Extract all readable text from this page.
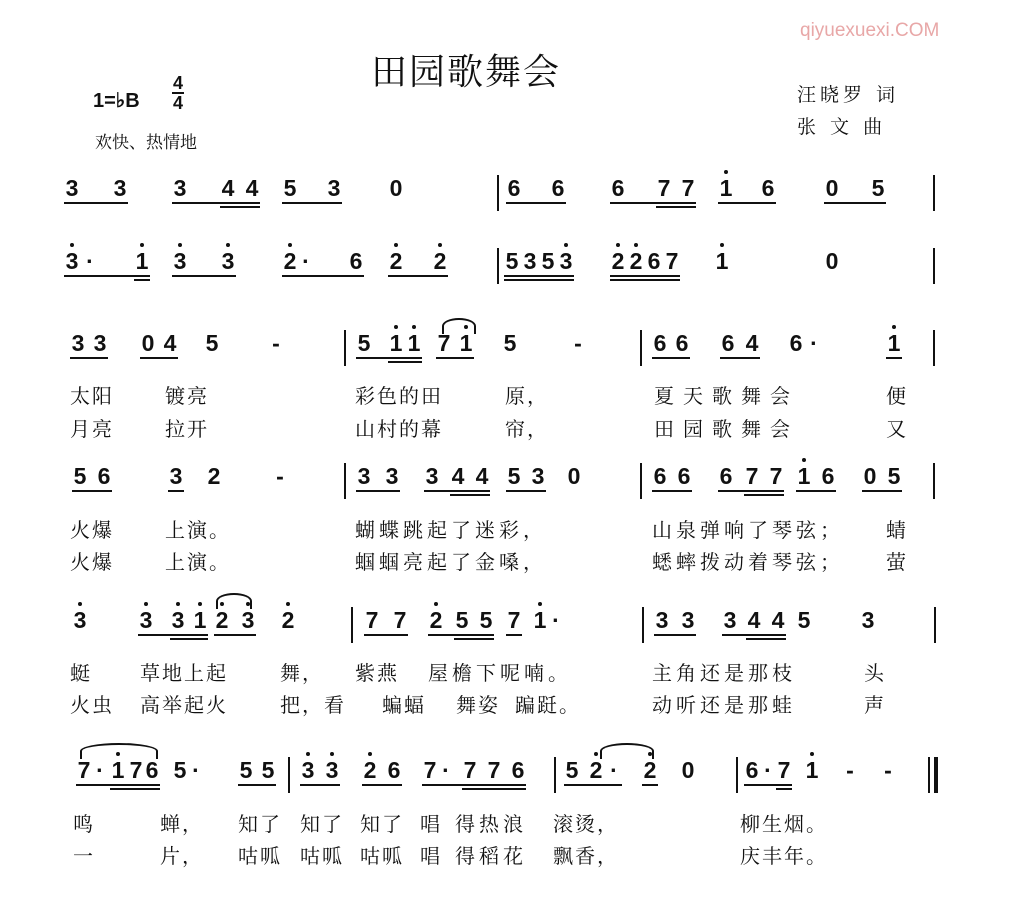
qiyuexuexi.COM
田园歌舞会
1=♭B
4
4
欢快、热情地
汪晓罗 词
张 文 曲
3 3 3 4 4 5 3 0	6 6 6 7 7 1 6 0 5
3 · 1 3 3 2 · 6 2 2	5 3 5 3 2 2 6 7 1	0
3 3 0 4 5 -	5 1 1 7 1 5	-	6 6 6 4 6 ·	1
5 6	3 2 -	3 3 3 4 4 5 3 0	6 6 6 7 7 1 6 0 5
3 3 3 1 2 3 2	7 7 2 5 5 7 1 ·	3 3 3 4 4 5 3
7 · 1 7 6 5 · 5 5 3 3 2 6 7 · 7 7 6 5 2 · 2 0 6 · 7 1 - -
太阳	镀亮	彩色的田	原，	夏天歌舞会	便
月亮	拉开	山村的幕	帘，	田园歌舞会	又
火爆	上演。	蝴蝶跳起了迷彩，	山泉弹响了琴弦； 蜻
火爆	上演。	蝈蝈亮起了金嗓，	蟋蟀拨动着琴弦； 萤
蜓 草地上起	舞， 紫燕 屋檐下呢喃。	主角还是那枝	头
火虫 高举起火	把，看 蝙蝠 舞姿 蹁跹。	动听还是那蛙	声
鸣	蝉， 知了 知了 知了 唱 得热浪 滚烫，	柳生烟。
一	片， 咕呱 咕呱 咕呱 唱 得稻花 飘香，	庆丰年。
